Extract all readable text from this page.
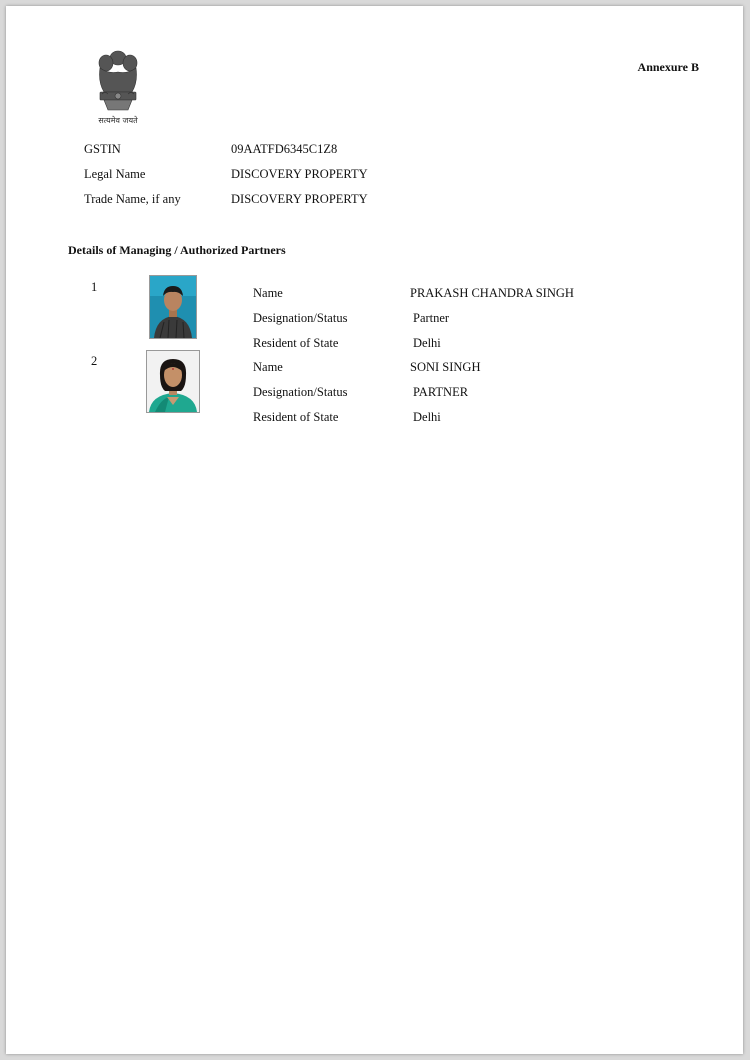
सत्यमेव जयते
Annexure B
GSTIN	09AATFD6345C1Z8
Legal Name	DISCOVERY PROPERTY
Trade Name, if any	DISCOVERY PROPERTY
Details of Managing / Authorized Partners
1	Name	PRAKASH CHANDRA SINGH
Designation/Status	Partner
Resident of State	Delhi
2	Name	SONI SINGH
Designation/Status	PARTNER
Resident of State	Delhi
